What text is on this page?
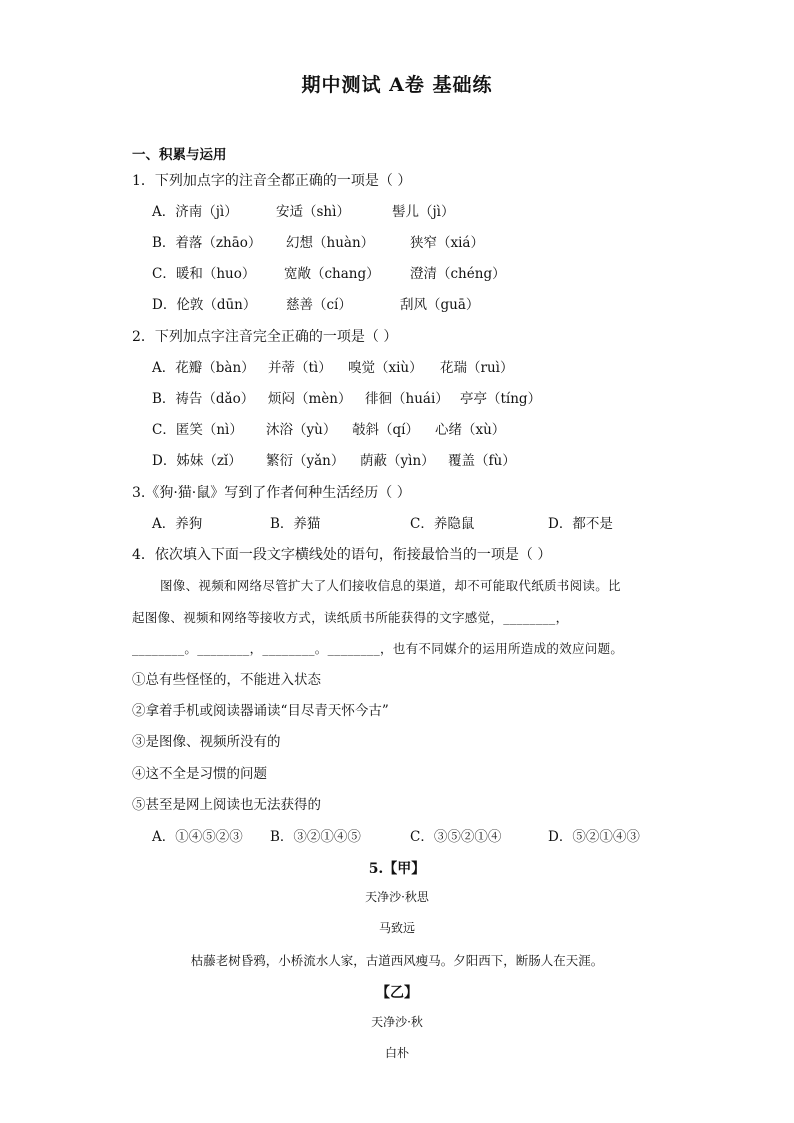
期中测试 A卷 基础练
一、积累与运用
1．下列加点字的注音全都正确的一项是（ ）
A．济南（jì）	安适（shì）	髻儿（jì）
B．着落（zhāo） 幻想（huàn）	狭窄（xiá）
C．暖和（huo） 宽敞（chang） 澄清（chéng）
D．伦敦（dūn） 慈善（cí）	刮风（guā）
2．下列加点字注音完全正确的一项是（ ）
A．花瓣（bàn） 并蒂（tì） 嗅觉（xiù） 花瑞（ruì）
B．祷告（dǎo） 烦闷（mèn） 徘徊（huái） 亭亭（tíng）
C．匿笑（nì） 沐浴（yù） 攲斜（qí） 心绪（xù）
D．姊妹（zǐ） 繁衍（yǎn） 荫蔽（yìn） 覆盖（fù）
3.《狗·猫·鼠》写到了作者何种生活经历（ ）
A．养狗	B．养猫	C．养隐鼠	D．都不是
4．依次填入下面一段文字横线处的语句，衔接最恰当的一项是（ ）
图像、视频和网络尽管扩大了人们接收信息的渠道，却不可能取代纸质书阅读。比
起图像、视频和网络等接收方式，读纸质书所能获得的文字感觉，________，
________。________，________。________，也有不同媒介的运用所造成的效应问题。
①总有些怪怪的，不能进入状态
②拿着手机或阅读器诵读“目尽青天怀今古”
③是图像、视频所没有的
④这不全是习惯的问题
⑤甚至是网上阅读也无法获得的
A．①④⑤②③ B．③②①④⑤	C．③⑤②①④	D．⑤②①④③
5.【甲】
天净沙·秋思
马致远
枯藤老树昏鸦，小桥流水人家，古道西风瘦马。夕阳西下，断肠人在天涯。
【乙】
天净沙·秋
白朴
